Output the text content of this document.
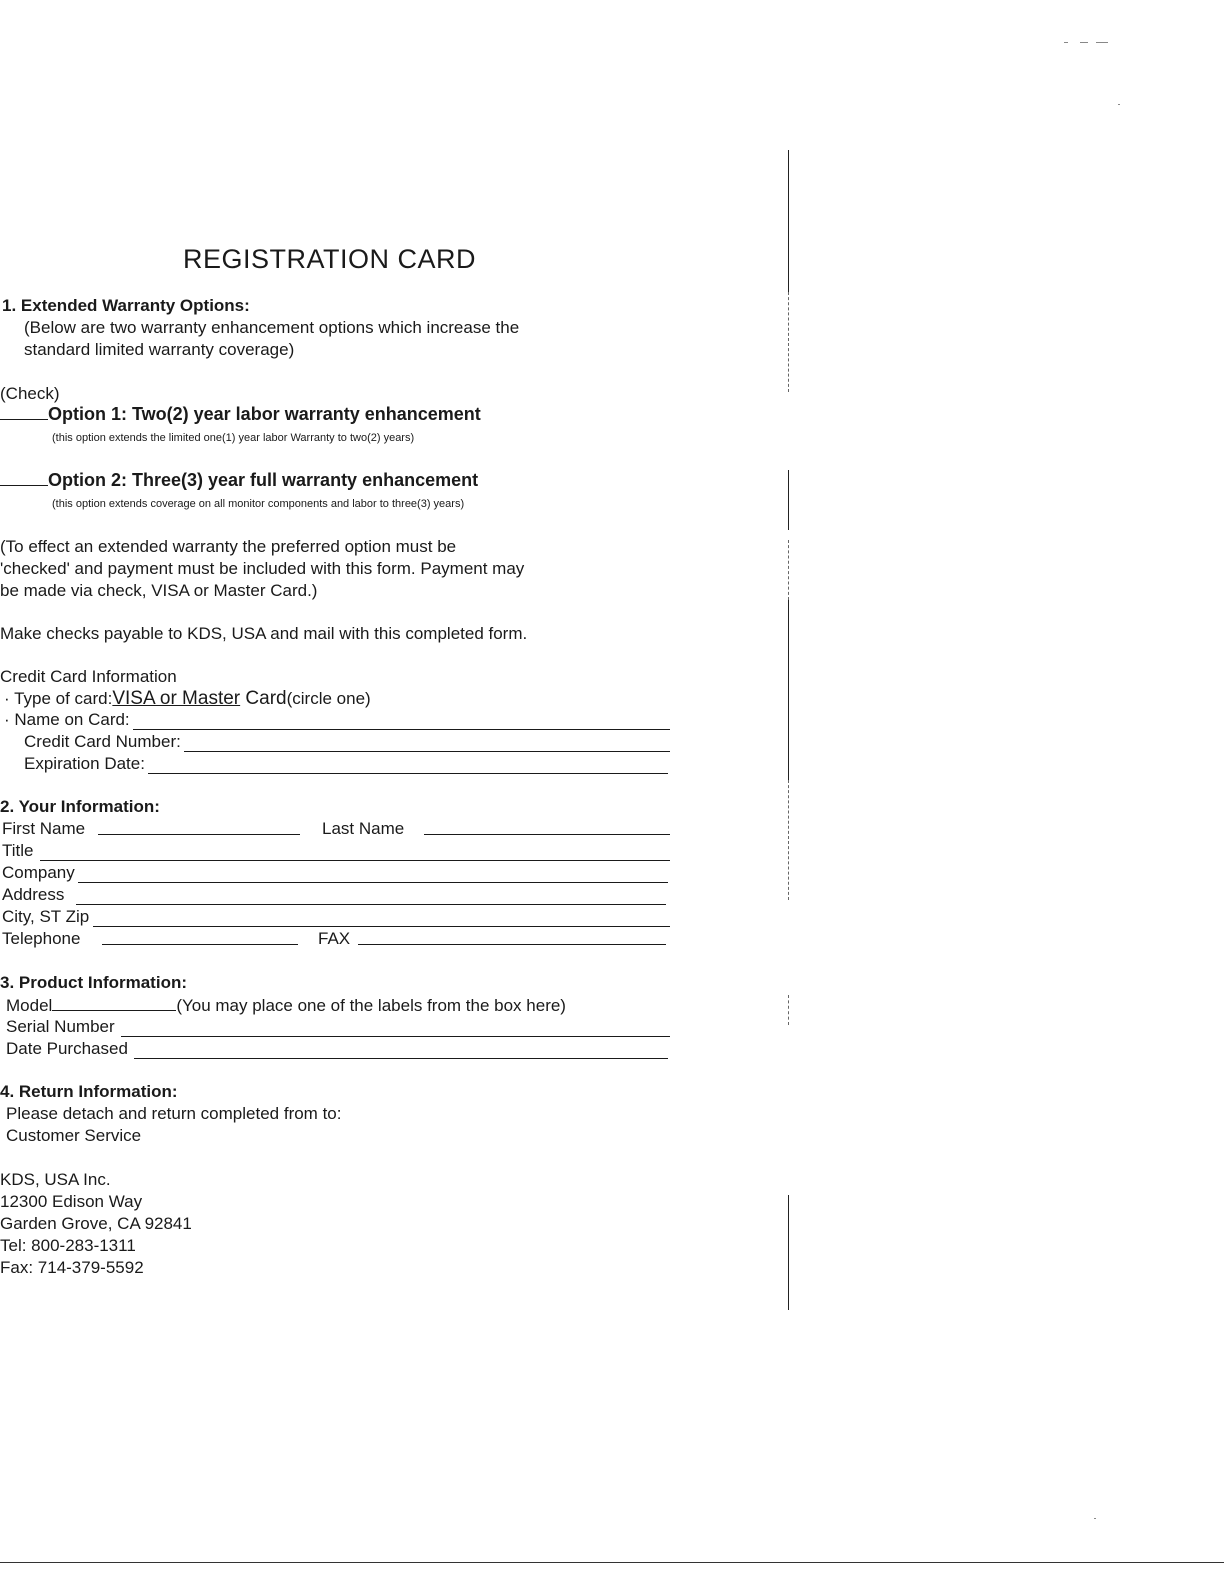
REGISTRATION CARD
1. Extended Warranty Options:
(Below are two warranty enhancement options which increase the
standard limited warranty coverage)
(Check)
Option 1: Two(2) year labor warranty enhancement
(this option extends the limited one(1) year labor Warranty to two(2) years)
Option 2: Three(3) year full warranty enhancement
(this option extends coverage on all monitor components and labor to three(3) years)
(To effect an extended warranty the preferred option must be
'checked' and payment must be included with this form. Payment may
be made via check, VISA or Master Card.)
Make checks payable to KDS, USA and mail with this completed form.
Credit Card Information
· Type of card:VISA or Master Card(circle one)
· Name on Card:
Credit Card Number:
Expiration Date:
2. Your Information:
First Name	Last Name
Title
Company
Address
City, ST Zip
Telephone	FAX
3. Product Information:
Model	(You may place one of the labels from the box here)
Serial Number
Date Purchased
4. Return Information:
Please detach and return completed from to:
Customer Service
KDS, USA Inc.
12300 Edison Way
Garden Grove, CA 92841
Tel: 800-283-1311
Fax: 714-379-5592
